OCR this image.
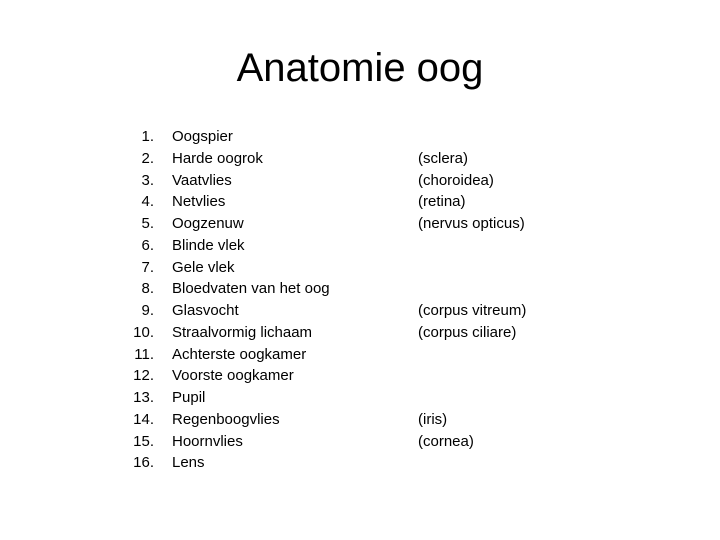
Anatomie oog
1. Oogspier
2. Harde oogrok	(sclera)
3. Vaatvlies	(choroidea)
4. Netvlies	(retina)
5. Oogzenuw	(nervus opticus)
6. Blinde vlek
7. Gele vlek
8. Bloedvaten van het oog
9. Glasvocht	(corpus vitreum)
10. Straalvormig lichaam	(corpus ciliare)
11. Achterste oogkamer
12. Voorste oogkamer
13. Pupil
14. Regenboogvlies	(iris)
15. Hoornvlies	(cornea)
16. Lens
